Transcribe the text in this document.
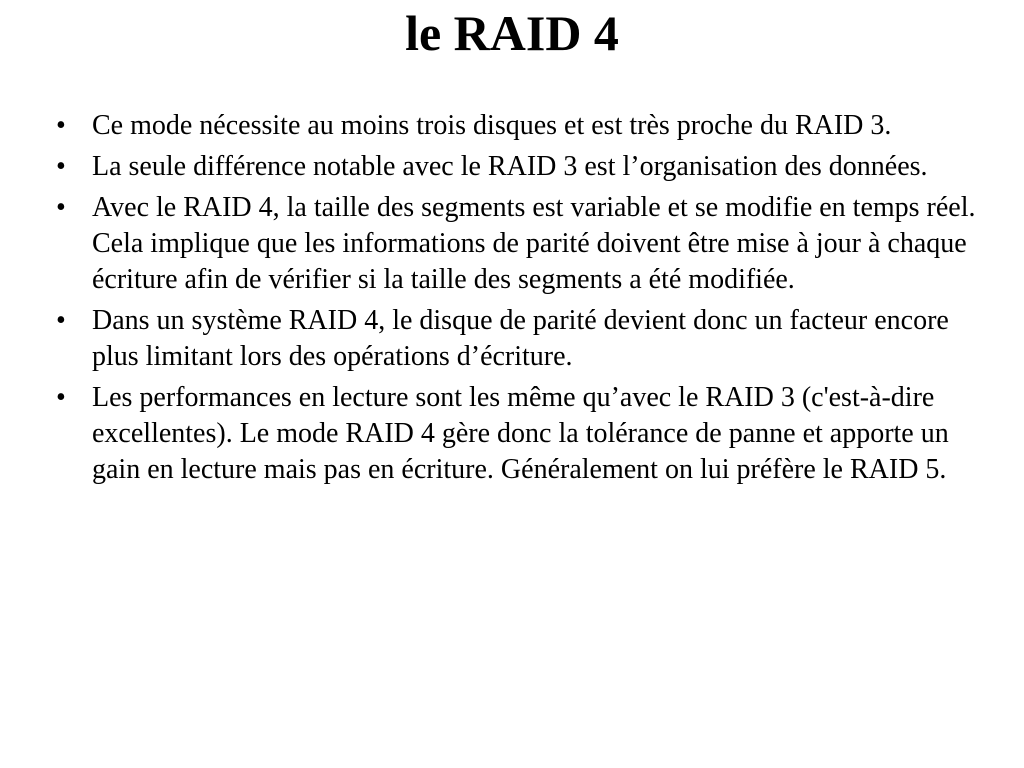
le RAID 4
• Ce mode nécessite au moins trois disques et est très proche du RAID 3.
• La seule différence notable avec le RAID 3 est l’organisation des données.
• Avec le RAID 4, la taille des segments est variable et se modifie en temps réel. Cela implique que les informations de parité doivent être mise à jour à chaque écriture afin de vérifier si la taille des segments a été modifiée.
• Dans un système RAID 4, le disque de parité devient donc un facteur encore plus limitant lors des opérations d’écriture.
• Les performances en lecture sont les même qu’avec le RAID 3 (c'est-à-dire excellentes). Le mode RAID 4 gère donc la tolérance de panne et apporte un gain en lecture mais pas en écriture. Généralement on lui préfère le RAID 5.
